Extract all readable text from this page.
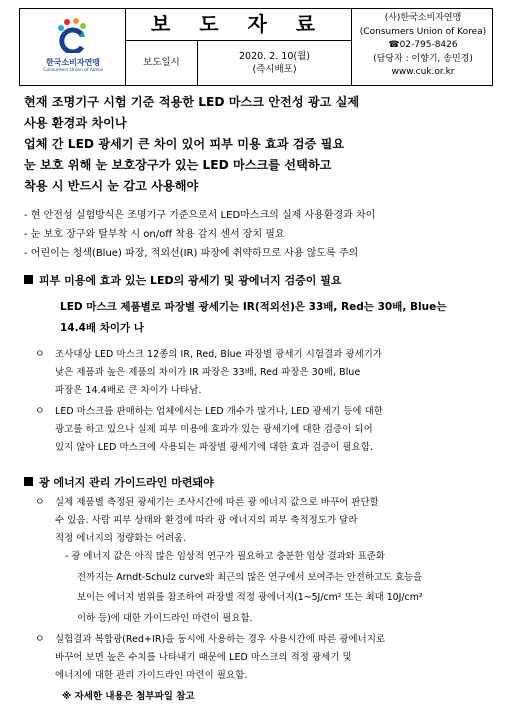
한국소비자연맹
Consumers Union of Korea
보 도 자 료
보도일시
2020. 2. 10(월)
(즉시배포)
(사)한국소비자연맹
(Consumers Union of Korea)
☎02-795-8426
(담당자 : 이향기, 송민경)
www.cuk.or.kr
현재 조명기구 시험 기준 적용한 LED 마스크 안전성 광고 실제
사용 환경과 차이나
업체 간 LED 광세기 큰 차이 있어 피부 미용 효과 검증 필요
눈 보호 위해 눈 보호장구가 있는 LED 마스크를 선택하고
착용 시 반드시 눈 감고 사용해야
- 현 안전성 실험방식은 조명기구 기준으로서 LED마스크의 실제 사용환경과 차이
- 눈 보호 장구와 탈부착 시 on/off 착용 감지 센서 장치 필요
- 어린이는 청색(Blue) 파장, 적외선(IR) 파장에 취약하므로 사용 않도록 주의
피부 미용에 효과 있는 LED의 광세기 및 광에너지 검증이 필요
LED 마스크 제품별로 파장별 광세기는 IR(적외선)은 33배, Red는 30배, Blue는
14.4배 차이가 나
ㅇ 조사대상 LED 마스크 12종의 IR, Red, Blue 파장별 광세기 시험결과 광세기가
낮은 제품과 높은 제품의 차이가 IR 파장은 33배, Red 파장은 30배, Blue
파장은 14.4배로 큰 차이가 나타남.
ㅇ LED 마스크를 판매하는 업체에서는 LED 개수가 많거나, LED 광세기 등에 대한
광고를 하고 있으나 실제 피부 미용에 효과가 있는 광세기에 대한 검증이 되어
있지 않아 LED 마스크에 사용되는 파장별 광세기에 대한 효과 검증이 필요함.
광 에너지 관리 가이드라인 마련돼야
ㅇ 실제 제품별 측정된 광세기는 조사시간에 따른 광 에너지 값으로 바꾸어 판단할
수 있음. 사람 피부 상태와 환경에 따라 광 에너지의 피부 축적정도가 달라
적정 에너지의 정량화는 어려움.
- 광 에너지 값은 아직 많은 임상적 연구가 필요하고 충분한 임상 결과와 표준화
전까지는 Arndt-Schulz curve와 최근의 많은 연구에서 보여주는 안전하고도 효능을
보이는 에너지 범위를 참조하여 파장별 적정 광에너지(1~5J/cm² 또는 최대 10J/cm²
이하 등)에 대한 가이드라인 마련이 필요함.
ㅇ 실험결과 복합광(Red+IR)을 동시에 사용하는 경우 사용시간에 따른 광에너지로
바꾸어 보면 높은 수치를 나타내기 때문에 LED 마스크의 적정 광세기 및
에너지에 대한 관리 가이드라인 마련이 필요함.
※ 자세한 내용은 첨부파일 참고
